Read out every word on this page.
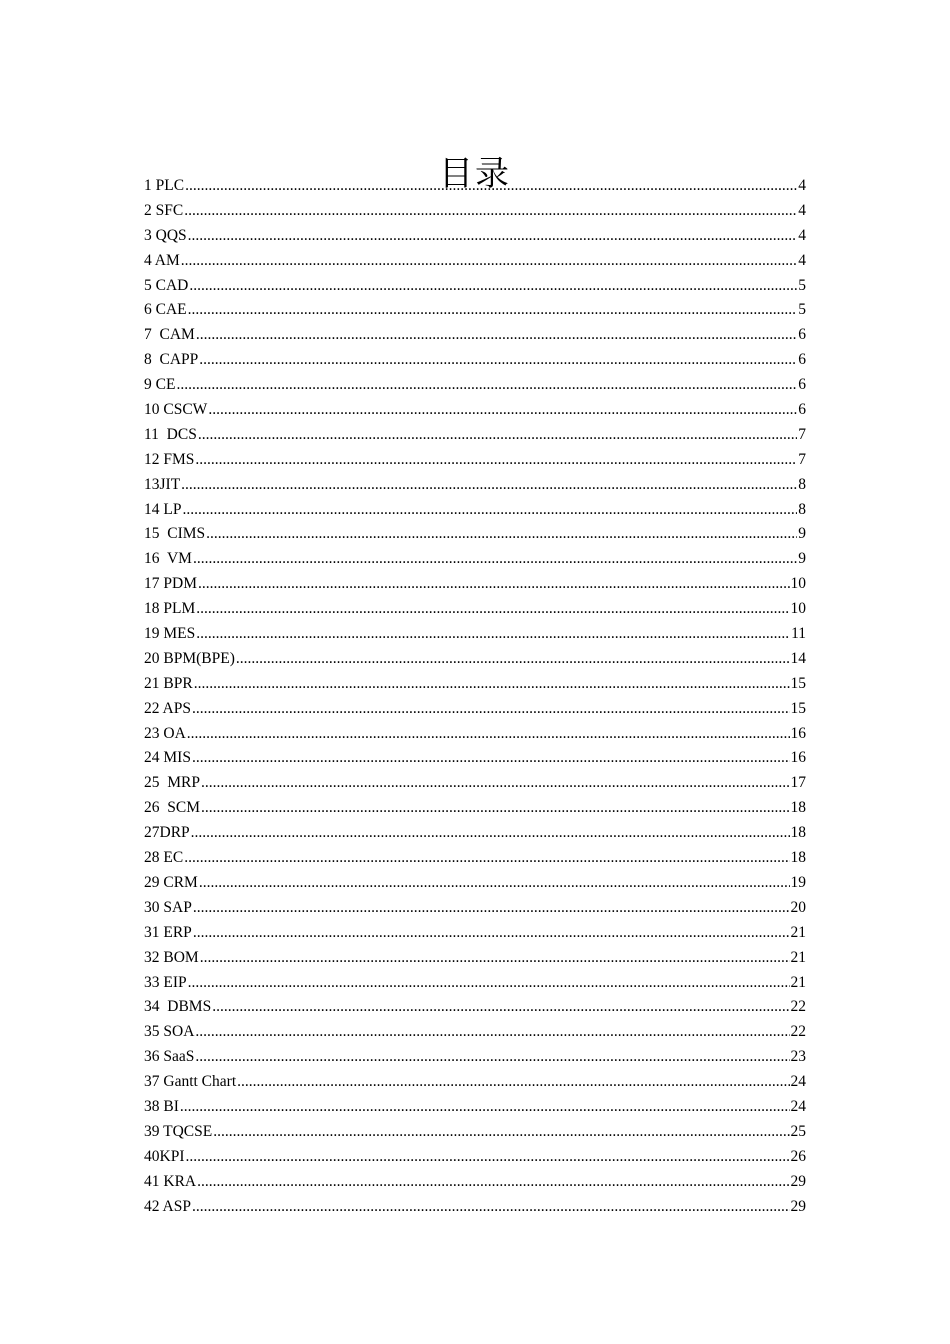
目录
1 PLC .....	4
2 SFC .....	4
3 QQS .....	4
4 AM .....	4
5 CAD .....	5
6 CAE .....	5
7  CAM .....	6
8  CAPP .....	6
9 CE .....	6
10 CSCW .....	6
11  DCS .....	7
12 FMS .....	7
13JIT .....	8
14 LP .....	8
15  CIMS .....	9
16  VM .....	9
17 PDM .....	10
18 PLM .....	10
19 MES .....	11
20 BPM(BPE) .....	14
21 BPR .....	15
22 APS .....	15
23 OA .....	16
24 MIS .....	16
25  MRP .....	17
26  SCM .....	18
27DRP .....	18
28 EC .....	18
29 CRM .....	19
30 SAP .....	20
31 ERP .....	21
32 BOM .....	21
33 EIP .....	21
34  DBMS .....	22
35 SOA .....	22
36 SaaS .....	23
37 Gantt Chart .....	24
38 BI .....	24
39 TQCSE .....	25
40KPI .....	26
41 KRA .....	29
42 ASP .....	29
